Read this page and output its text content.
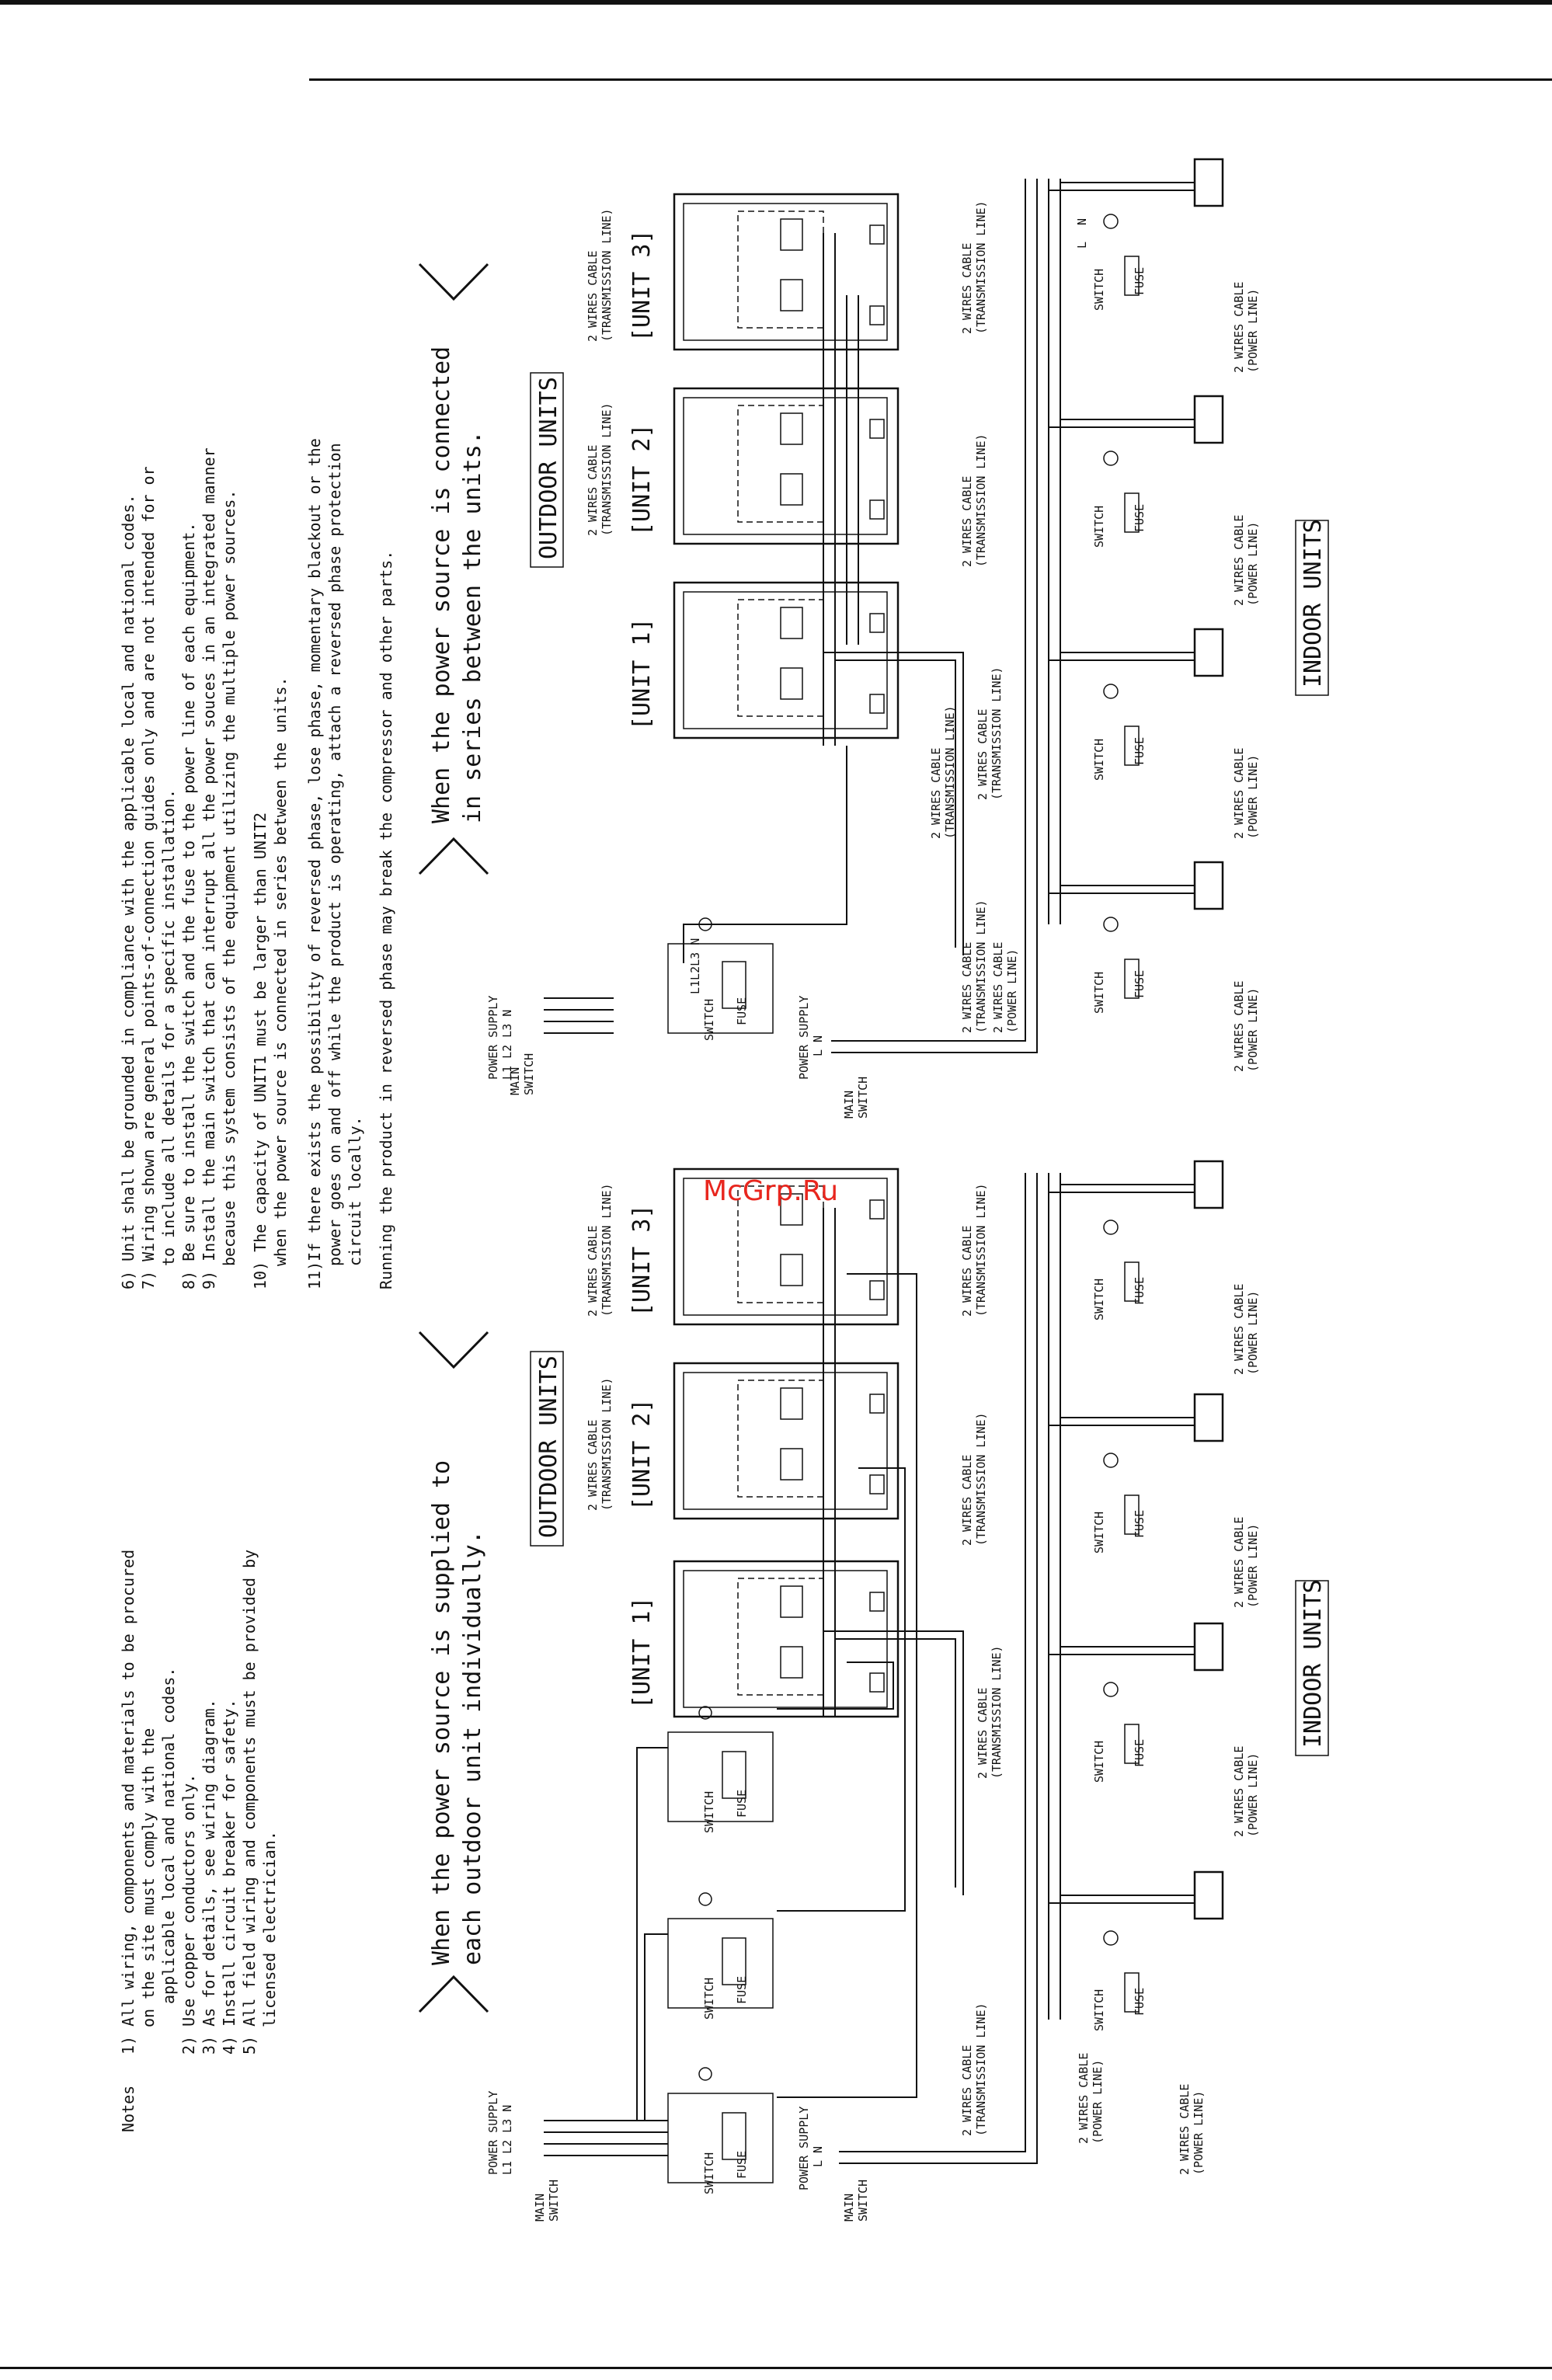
Notes
1) All wiring, components and materials to be procured on the site must comply with the applicable local and national codes. 2) Use copper conductors only. 3) As for details, see wiring diagram. 4) Install circuit breaker for safety. 5) All field wiring and components must be provided by licensed electrician.
6) Unit shall be grounded in compliance with the applicable local and national codes. 7) Wiring shown are general points-of-connection guides only and are not intended for or to include all details for a specific installation. 8) Be sure to install the switch and the fuse to the power line of each equipment. 9) Install the main switch that can interrupt all the power souces in an integrated manner because this system consists of the equipment utilizing the multiple power sources. 10) The capacity of UNIT1 must be larger than UNIT2 when the power source is connected in series between the units. 11)If there exists the possibility of reversed phase, lose phase, momentary blackout or the power goes on and off while the product is operating, attach a reversed phase protection circuit locally. Running the product in reversed phase may break the compressor and other parts. When the power source is connected in series between the units.
When the power source is supplied to each outdoor unit individually.
OUTDOOR UNITS
[UNIT 3]
[UNIT 2]
[UNIT 1]
2 WIRES CABLE (TRANSMISSION LINE)
2 WIRES CABLE (TRANSMISSION LINE)
POWER SUPPLY L1 L2 L3 N
MAIN SWITCH
SWITCH FUSE
L1L2L3 N
POWER SUPPLY L N
MAIN SWITCH
2 WIRES CABLE (TRANSMISSION LINE)
2 WIRES CABLE (TRANSMISSION LINE) 2 WIRES CABLE (POWER LINE)
SWITCH FUSE
L
N
2 WIRES CABLE (POWER LINE)
SWITCH FUSE	2 WIRES CABLE (POWER LINE)
SWITCH FUSE	2 WIRES CABLE (POWER LINE)
SWITCH FUSE	2 WIRES CABLE (POWER LINE)
2 WIRES CABLE (TRANSMISSION LINE)
2 WIRES CABLE (TRANSMISSION LINE)
2 WIRES CABLE (TRANSMISSION LINE)
INDOOR UNITS
OUTDOOR UNITS
[UNIT 3]
[UNIT 2]
[UNIT 1]
2 WIRES CABLE (TRANSMISSION LINE)
2 WIRES CABLE (TRANSMISSION LINE)
SWITCH FUSE
SWITCH FUSE
SWITCH FUSE
POWER SUPPLY L1 L2 L3 N
MAIN SWITCH
POWER SUPPLY L N
MAIN SWITCH
SWITCH FUSE	2 WIRES CABLE (POWER LINE)
SWITCH FUSE	2 WIRES CABLE (POWER LINE)
SWITCH FUSE	2 WIRES CABLE (POWER LINE)
SWITCH FUSE
2 WIRES CABLE (POWER LINE)
2 WIRES CABLE (TRANSMISSION LINE)
2 WIRES CABLE (TRANSMISSION LINE)
2 WIRES CABLE (TRANSMISSION LINE)
2 WIRES CABLE (TRANSMISSION LINE)	2 WIRES CABLE (POWER LINE)
INDOOR UNITS
McGrp.Ru
